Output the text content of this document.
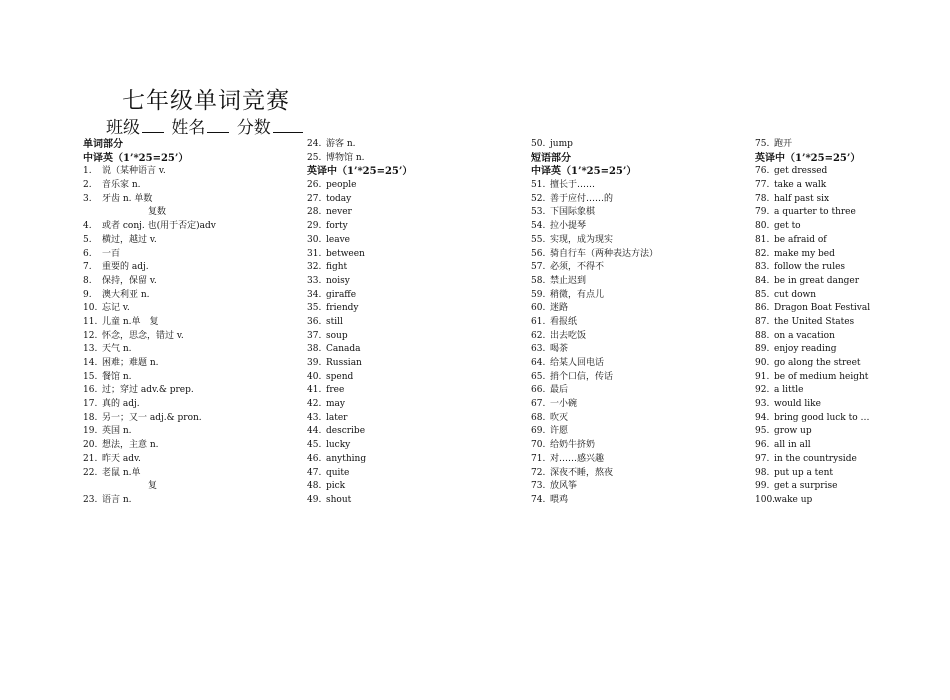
七年级单词竞赛
班级 姓名 分数
单词部分
中译英（1’*25=25’）
1. 说（某种语言 v.
2. 音乐家 n.
3. 牙齿 n. 单数
复数
4. 或者 conj. 也(用于否定)adv
5. 横过，越过 v.
6. 一百
7. 重要的 adj.
8. 保持，保留 v.
9. 澳大利亚 n.
10. 忘记 v.
11. 儿童 n.单　复
12. 怀念，思念，错过 v.
13. 天气 n.
14. 困难；难题 n.
15. 餐馆 n.
16. 过；穿过 adv.& prep.
17. 真的 adj.
18. 另一；又一 adj.& pron.
19. 英国 n.
20. 想法，主意 n.
21. 昨天 adv.
22. 老鼠 n.单
复
23. 语言 n.
24. 游客 n.
25. 博物馆 n.
英译中（1’*25=25’）
26. people
27. today
28. never
29. forty
30. leave
31. between
32. fight
33. noisy
34. giraffe
35. friendy
36. still
37. soup
38. Canada
39. Russian
40. spend
41. free
42. may
43. later
44. describe
45. lucky
46. anything
47. quite
48. pick
49. shout
50. jump
短语部分
中译英（1’*25=25’）
51. 擅长于……
52. 善于应付……的
53. 下国际象棋
54. 拉小提琴
55. 实现，成为现实
56. 骑自行车（两种表达方法）
57. 必须，不得不
58. 禁止迟到
59. 稍微，有点儿
60. 迷路
61. 看报纸
62. 出去吃饭
63. 喝茶
64. 给某人回电话
65. 捎个口信，传话
66. 最后
67. 一小碗
68. 吹灭
69. 许愿
70. 给奶牛挤奶
71. 对……感兴趣
72. 深夜不睡，熬夜
73. 放风筝
74. 喂鸡
75. 跑开
英译中（1’*25=25’）
76. get dressed
77. take a walk
78. half past six
79. a quarter to three
80. get to
81. be afraid of
82. make my bed
83. follow the rules
84. be in great danger
85. cut down
86. Dragon Boat Festival
87. the United States
88. on a vacation
89. enjoy reading
90. go along the street
91. be of medium height
92. a little
93. would like
94. bring good luck to …
95. grow up
96. all in all
97. in the countryside
98. put up a tent
99. get a surprise
100.wake up
